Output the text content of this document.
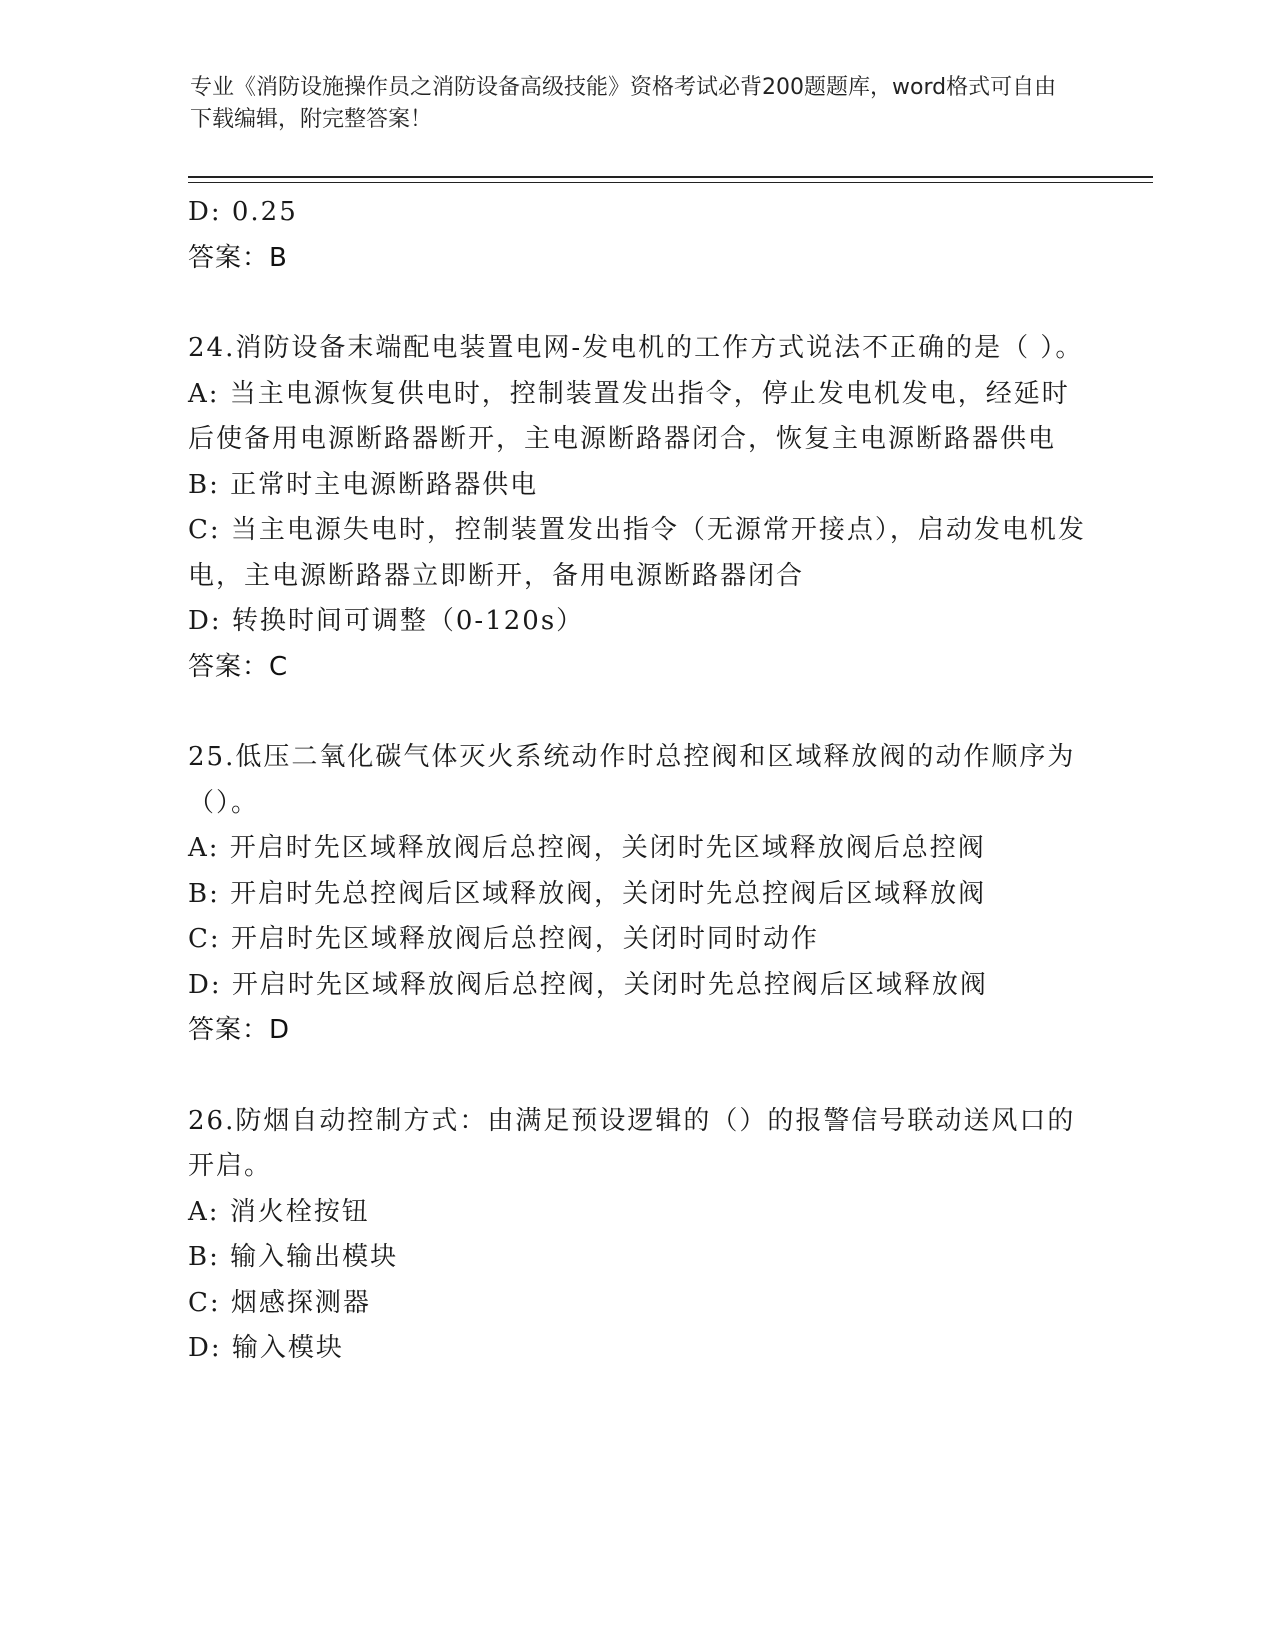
专业《消防设施操作员之消防设备高级技能》资格考试必背200题题库，word格式可自由下载编辑，附完整答案！
D: 0.25
答案：B
24.消防设备末端配电装置电网-发电机的工作方式说法不正确的是（ ）。
A: 当主电源恢复供电时，控制装置发出指令，停止发电机发电，经延时后使备用电源断路器断开，主电源断路器闭合，恢复主电源断路器供电
B: 正常时主电源断路器供电
C: 当主电源失电时，控制装置发出指令（无源常开接点），启动发电机发电，主电源断路器立即断开，备用电源断路器闭合
D: 转换时间可调整（0-120s）
答案：C
25.低压二氧化碳气体灭火系统动作时总控阀和区域释放阀的动作顺序为（）。
A: 开启时先区域释放阀后总控阀，关闭时先区域释放阀后总控阀
B: 开启时先总控阀后区域释放阀，关闭时先总控阀后区域释放阀
C: 开启时先区域释放阀后总控阀，关闭时同时动作
D: 开启时先区域释放阀后总控阀，关闭时先总控阀后区域释放阀
答案：D
26.防烟自动控制方式：由满足预设逻辑的（）的报警信号联动送风口的开启。
A: 消火栓按钮
B: 输入输出模块
C: 烟感探测器
D: 输入模块
